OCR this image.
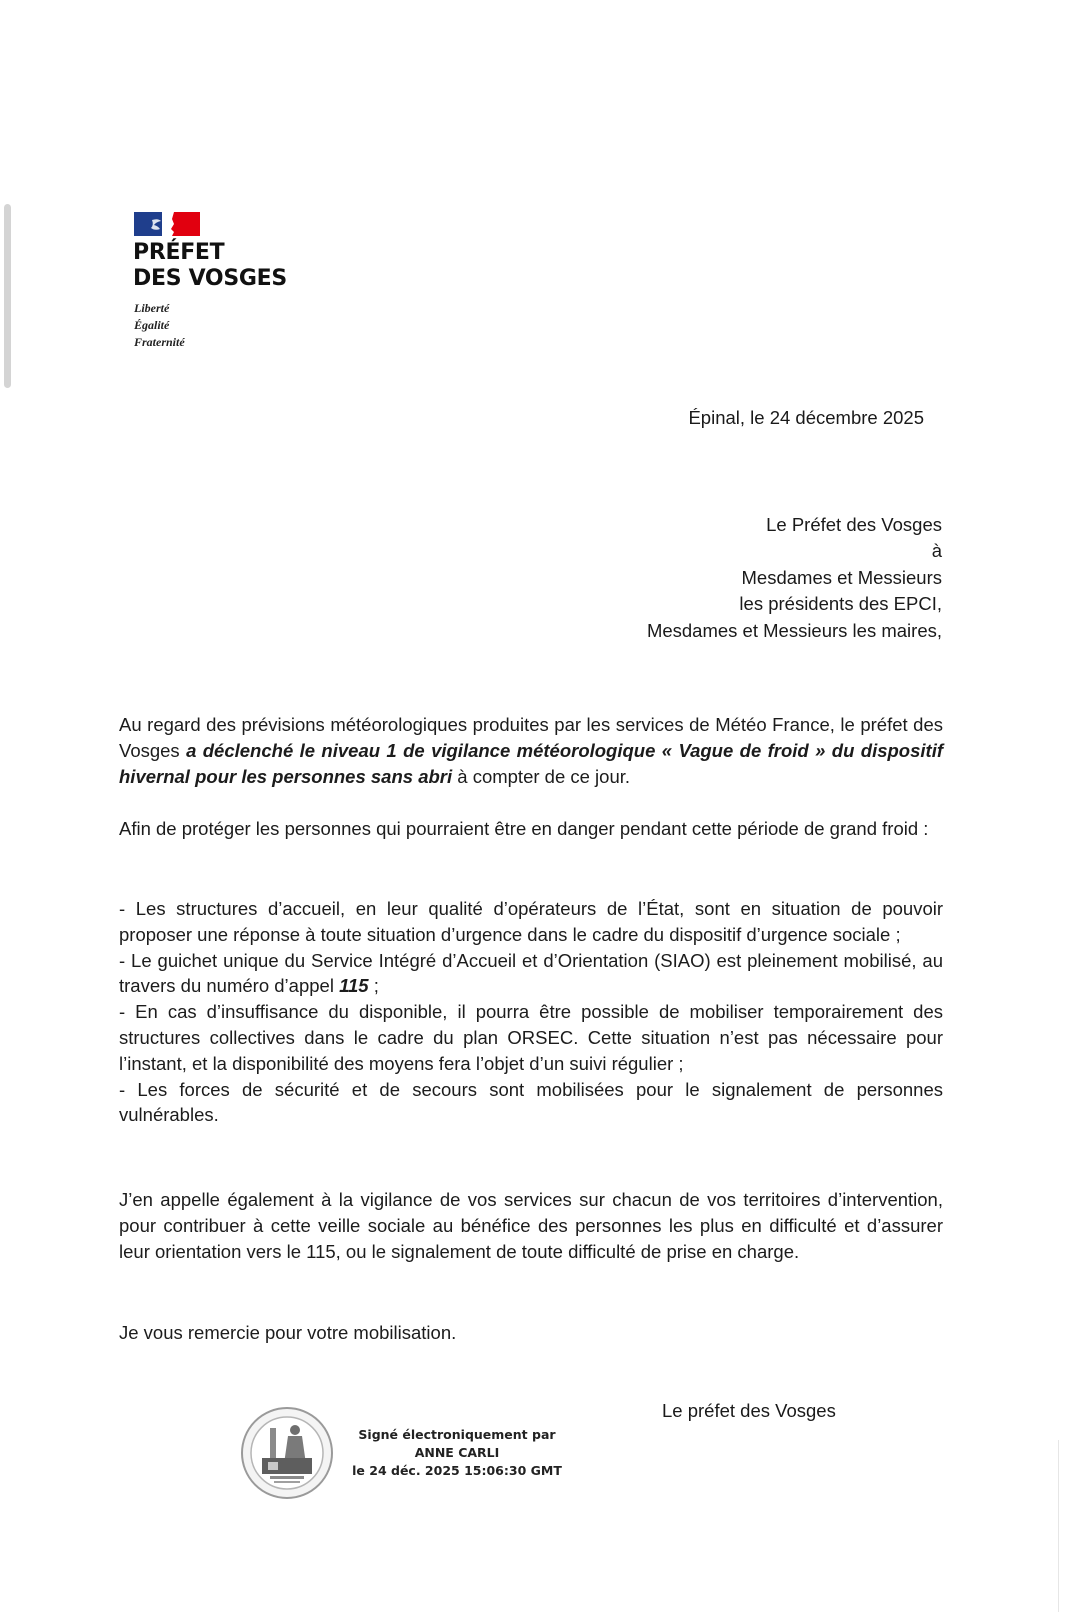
PRÉFET
DES VOSGES
Liberté
Égalité
Fraternité
Épinal, le 24 décembre 2025
Le Préfet des Vosges
à
Mesdames et Messieurs
les présidents des EPCI,
Mesdames et Messieurs les maires,

Au regard des prévisions météorologiques produites par les services de Météo France, le préfet des Vosges a déclenché le niveau 1 de vigilance météorologique « Vague de froid » du dispositif hivernal pour les personnes sans abri à compter de ce jour.

Afin de protéger les personnes qui pourraient être en danger pendant cette période de grand froid :

- Les structures d’accueil, en leur qualité d’opérateurs de l’État, sont en situation de pouvoir proposer une réponse à toute situation d’urgence dans le cadre du dispositif d’urgence sociale ;

- Le guichet unique du Service Intégré d’Accueil et d’Orientation (SIAO) est pleinement mobilisé, au travers du numéro d’appel 115 ;

- En cas d’insuffisance du disponible, il pourra être possible de mobiliser temporairement des structures collectives dans le cadre du plan ORSEC. Cette situation n’est pas nécessaire pour l’instant, et la disponibilité des moyens fera l’objet d’un suivi régulier ;

- Les forces de sécurité et de secours sont mobilisées pour le signalement de personnes vulnérables.

J’en appelle également à la vigilance de vos services sur chacun de vos territoires d’intervention, pour contribuer à cette veille sociale au bénéfice des personnes les plus en difficulté et d’assurer leur orientation vers le 115, ou le signalement de toute difficulté de prise en charge.

Je vous remercie pour votre mobilisation.

Le préfet des Vosges
Signé électroniquement par
ANNE CARLI
le 24 déc. 2025 15:06:30 GMT
